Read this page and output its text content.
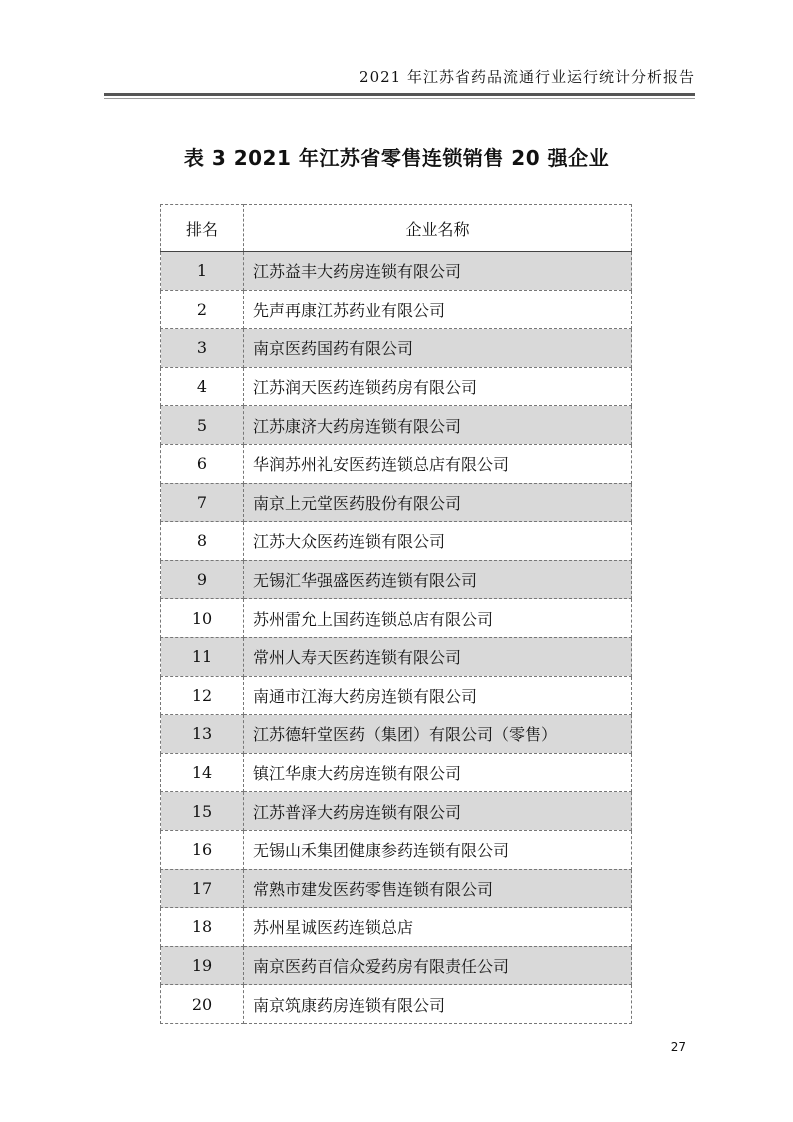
2021 年江苏省药品流通行业运行统计分析报告
表 3 2021 年江苏省零售连锁销售 20 强企业
排名	企业名称
1	江苏益丰大药房连锁有限公司
2	先声再康江苏药业有限公司
3	南京医药国药有限公司
4	江苏润天医药连锁药房有限公司
5	江苏康济大药房连锁有限公司
6	华润苏州礼安医药连锁总店有限公司
7	南京上元堂医药股份有限公司
8	江苏大众医药连锁有限公司
9	无锡汇华强盛医药连锁有限公司
10	苏州雷允上国药连锁总店有限公司
11	常州人寿天医药连锁有限公司
12	南通市江海大药房连锁有限公司
13	江苏德轩堂医药（集团）有限公司（零售）
14	镇江华康大药房连锁有限公司
15	江苏普泽大药房连锁有限公司
16	无锡山禾集团健康参药连锁有限公司
17	常熟市建发医药零售连锁有限公司
18	苏州星诚医药连锁总店
19	南京医药百信众爱药房有限责任公司
20	南京筑康药房连锁有限公司
27
